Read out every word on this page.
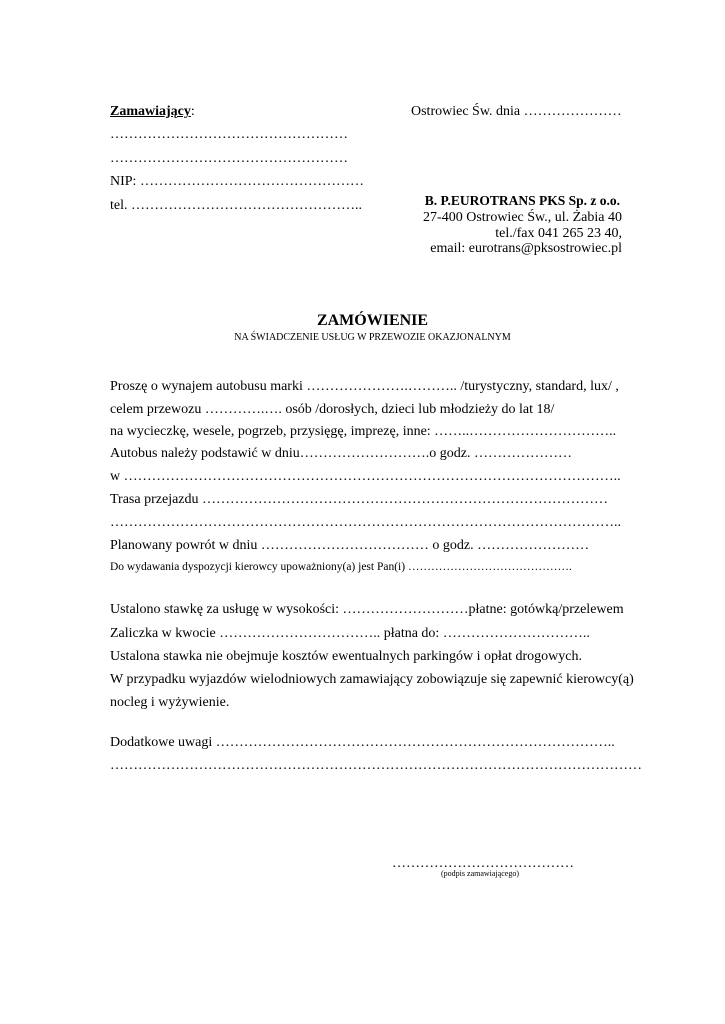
Zamawiający:
……………………………………………
……………………………………………
NIP: …………………………………………
tel. …………………………………………..
Ostrowiec Św. dnia …………………
B. P.EUROTRANS PKS Sp. z o.o.
27-400 Ostrowiec Św., ul. Żabia 40
tel./fax 041 265 23 40,
email: eurotrans@pksostrowiec.pl
ZAMÓWIENIE
NA ŚWIADCZENIE USŁUG W PRZEWOZIE OKAZJONALNYM
Proszę o wynajem autobusu marki ………………….……….. /turystyczny, standard, lux/ ,
celem przewozu ………….…. osób /dorosłych, dzieci lub młodzieży do lat 18/
na wycieczkę, wesele, pogrzeb, przysięgę, imprezę, inne: ……..…………………………..
Autobus należy podstawić w dniu……………………….o godz. …………………
w ……………………………………………………………………………………………..
Trasa przejazdu ……………………………………………………………………………
………………………………………………………………………………………………..
Planowany powrót w dniu ……………………………… o godz. ……………………
Do wydawania dyspozycji kierowcy upoważniony(a) jest Pan(i) …………………………………….
Ustalono stawkę za usługę w wysokości: ………………………płatne: gotówką/przelewem
Zaliczka w kwocie …………………………….. płatna do: …………………………..
Ustalona stawka nie obejmuje kosztów ewentualnych parkingów i opłat drogowych.
W przypadku wyjazdów wielodniowych zamawiający zobowiązuje się zapewnić kierowcy(ą)
nocleg i wyżywienie.
Dodatkowe uwagi …………………………………………………………………………..
……………………………………………………………………………………………………
…………………………………
(podpis zamawiającego)
